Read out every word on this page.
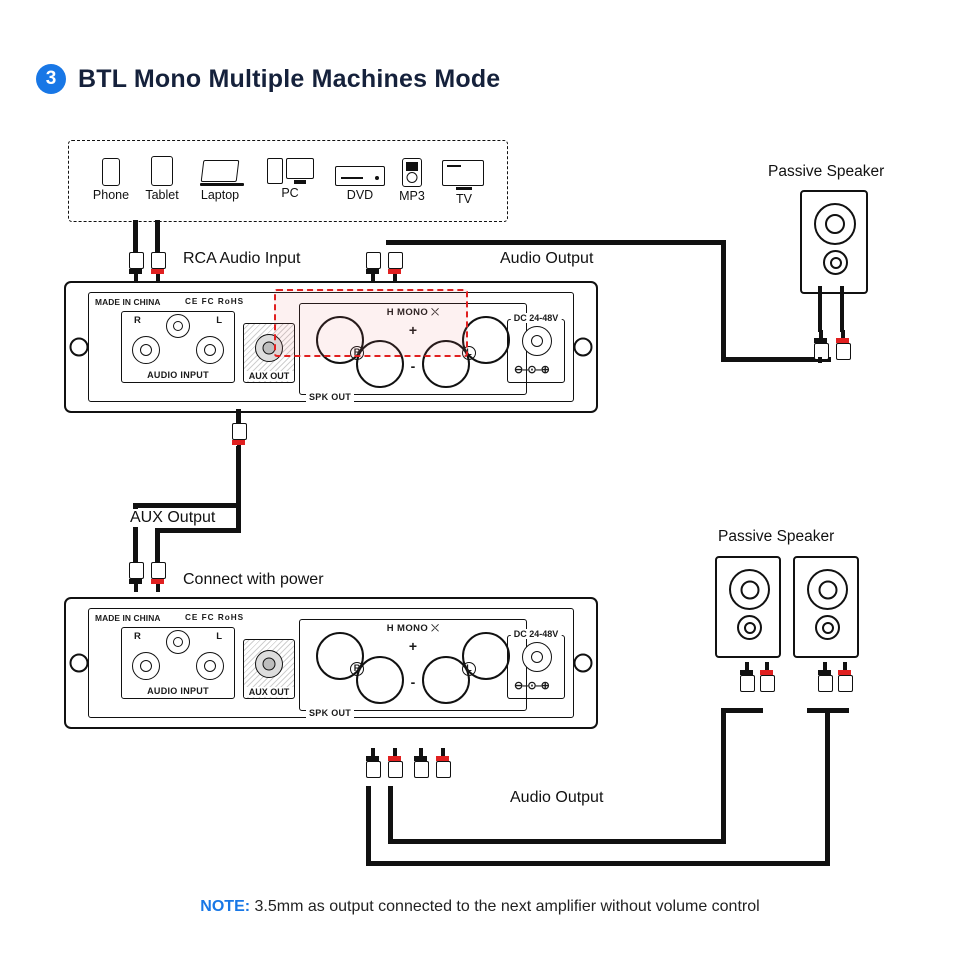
3 BTL Mono Multiple Machines Mode
Phone	Tablet	Laptop	PC	DVD	MP3	TV
RCA Audio Input	Audio Output
MADE IN CHINA	CE FC RoHS
R	L
AUDIO INPUT	AUX OUT
Н MONO ⤬
+
-
R	L
SPK OUT
DC 24-48V
⊖–⊙–⊕
AUX Output
Connect with power
MADE IN CHINA	CE FC RoHS
R	L
AUDIO INPUT	AUX OUT
Н MONO ⤬
+
-
R	L
SPK OUT
DC 24-48V
⊖–⊙–⊕
Audio Output
Passive Speaker
Passive Speaker
NOTE: 3.5mm as output connected to the next amplifier without volume control
